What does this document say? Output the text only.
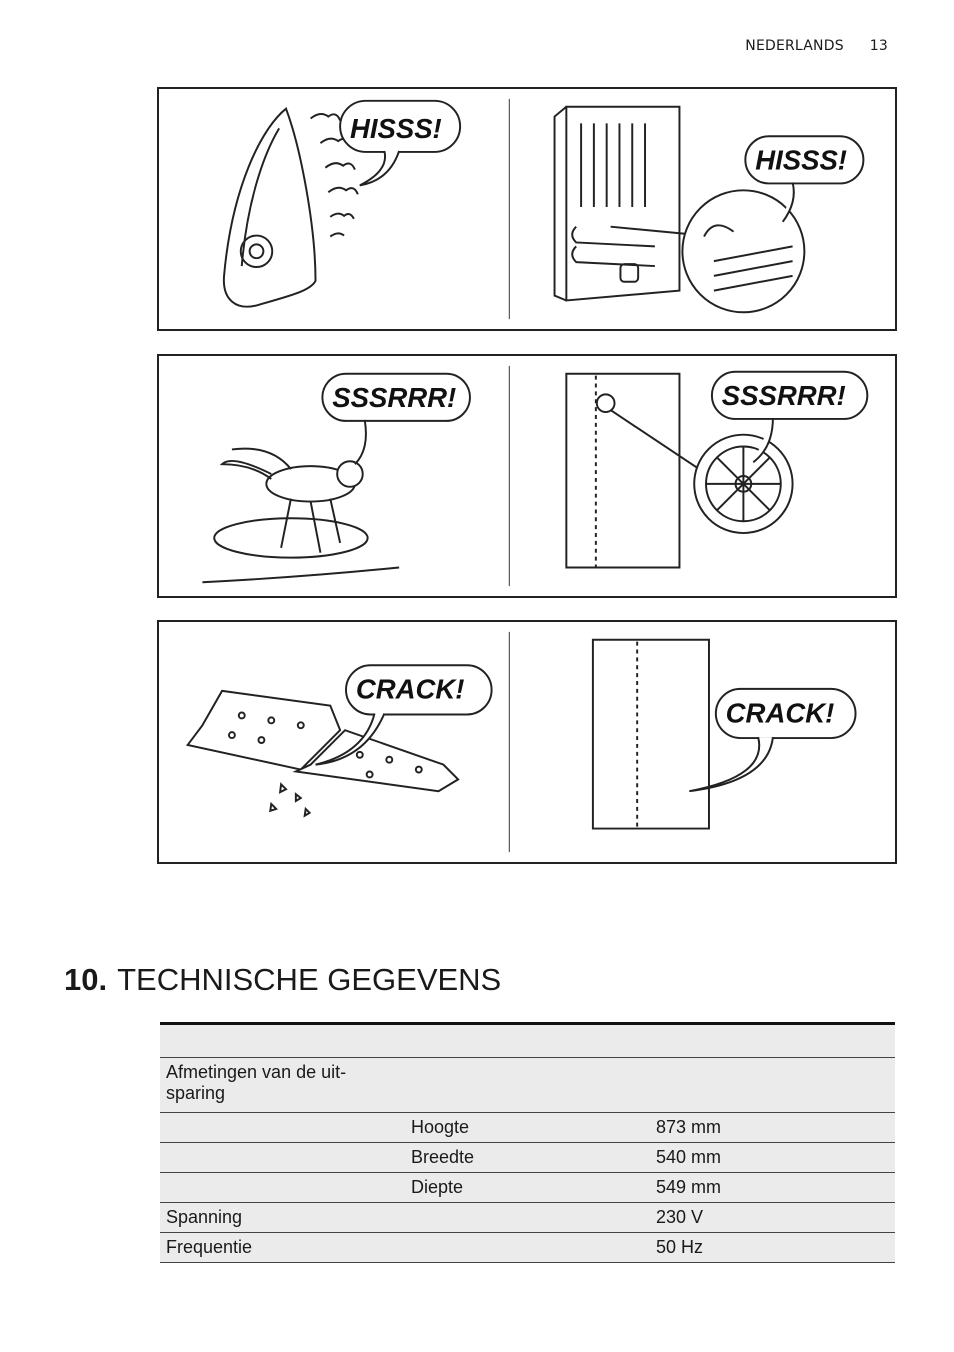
NEDERLANDS 13
HISSS!
HISSS!
SSSRRR!	SSSRRR!
CRACK!
CRACK!
10. TECHNISCHE GEGEVENS

Afmetingen van de uit-
sparing		
	Hoogte	873 mm
	Breedte	540 mm
	Diepte	549 mm
Spanning		230 V
Frequentie		50 Hz
